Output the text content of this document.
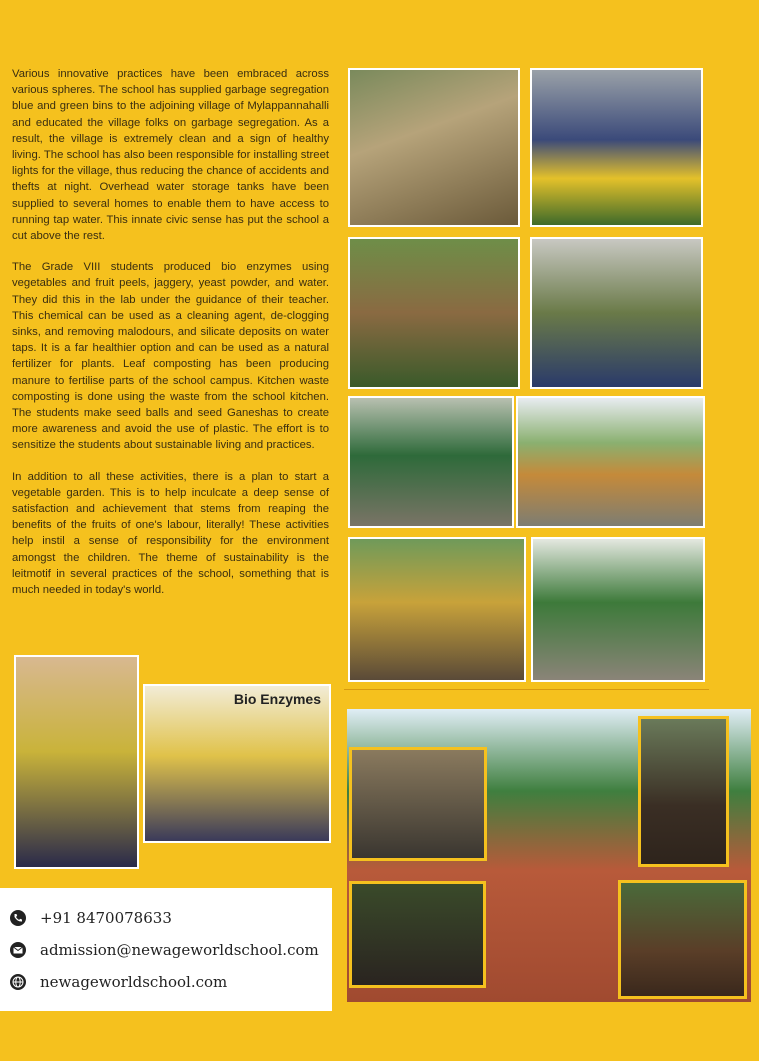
Various innovative practices have been embraced across various spheres. The school has supplied garbage segregation blue and green bins to the adjoining village of Mylappannahalli and educated the village folks on garbage segregation. As a result, the village is extremely clean and a sign of healthy living. The school has also been responsible for installing street lights for the village, thus reducing the chance of accidents and thefts at night. Overhead water storage tanks have been supplied to several homes to enable them to have access to running tap water. This innate civic sense has put the school a cut above the rest.

The Grade VIII students produced bio enzymes using vegetables and fruit peels, jaggery, yeast powder, and water. They did this in the lab under the guidance of their teacher. This chemical can be used as a cleaning agent, de-clogging sinks, and removing malodours, and silicate deposits on water taps. It is a far healthier option and can be used as a natural fertilizer for plants. Leaf composting has been producing manure to fertilise parts of the school campus. Kitchen waste composting is done using the waste from the school kitchen. The students make seed balls and seed Ganeshas to create more awareness and avoid the use of plastic. The effort is to sensitize the students about sustainable living and practices.

In addition to all these activities, there is a plan to start a vegetable garden. This is to help inculcate a deep sense of satisfaction and achievement that stems from reaping the benefits of the fruits of one's labour, literally! These activities help instil a sense of responsibility for the environment amongst the children. The theme of sustainability is the leitmotif in several practices of the school, something that is much needed in today's world.

Bio Enzymes
+91 8470078633
admission@newageworldschool.com
newageworldschool.com
